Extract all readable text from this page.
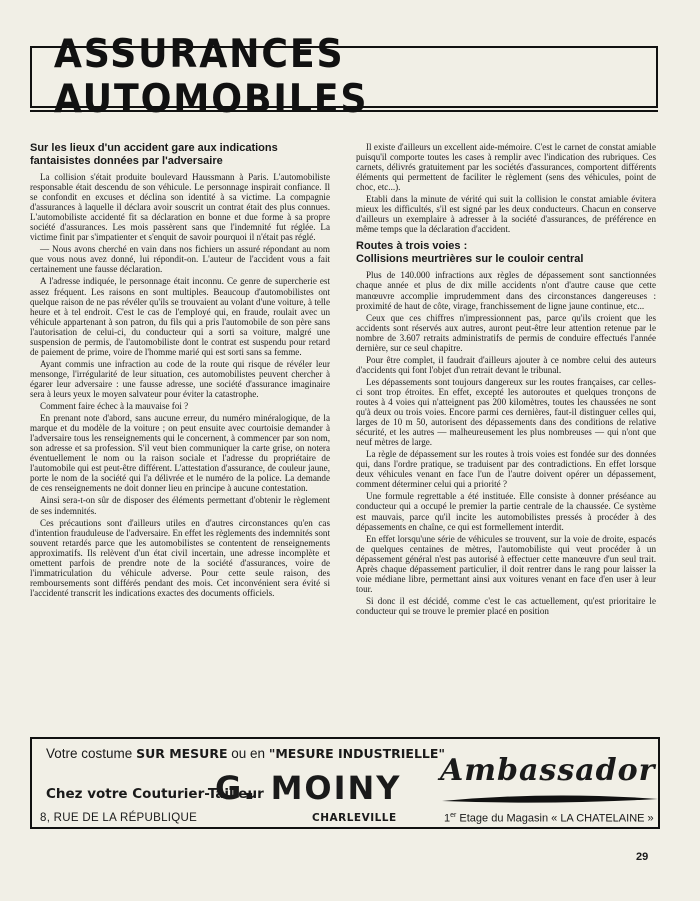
ASSURANCES AUTOMOBILES
Sur les lieux d'un accident gare aux indications fantaisistes données par l'adversaire

La collision s'était produite boulevard Haussmann à Paris. L'automobiliste responsable était descendu de son véhicule. Le personnage inspirait confiance. Il se confondit en excuses et déclina son identité à sa victime. La compagnie d'assurances à laquelle il déclara avoir souscrit un contrat était des plus connues. L'automobiliste accidenté fit sa déclaration en bonne et due forme à sa propre société d'assurances. Les mois passèrent sans que l'indemnité fut réglée. La victime finit par s'impatienter et s'enquit de savoir pourquoi il n'était pas réglé.

— Nous avons cherché en vain dans nos fichiers un assuré répondant au nom que vous nous avez donné, lui répondit-on. L'auteur de l'accident vous a fait certainement une fausse déclaration.

A l'adresse indiquée, le personnage était inconnu. Ce genre de supercherie est assez fréquent. Les raisons en sont multiples. Beaucoup d'automobilistes ont quelque raison de ne pas révéler qu'ils se trouvaient au volant d'une voiture, à telle heure et à tel endroit. C'est le cas de l'employé qui, en fraude, roulait avec un véhicule appartenant à son patron, du fils qui a pris l'automobile de son père sans l'autorisation de celui-ci, du conducteur qui a sorti sa voiture, malgré une suspension de permis, de l'automobiliste dont le contrat est suspendu pour retard de paiement de prime, voire de l'homme marié qui est sorti sans sa femme.

Ayant commis une infraction au code de la route qui risque de révéler leur mensonge, l'irrégularité de leur situation, ces automobilistes peuvent chercher à égarer leur adversaire : une fausse adresse, une société d'assurance imaginaire sera à leurs yeux le moyen salvateur pour éviter la catastrophe.

Comment faire échec à la mauvaise foi ?

En prenant note d'abord, sans aucune erreur, du numéro minéralogique, de la marque et du modèle de la voiture ; on peut ensuite avec courtoisie demander à l'adversaire tous les renseignements qui le concernent, à commencer par son nom, son adresse et sa profession. S'il veut bien communiquer la carte grise, on notera éventuellement le nom ou la raison sociale et l'adresse du propriétaire de l'automobile qui est peut-être différent. L'attestation d'assurance, de couleur jaune, porte le nom de la société qui l'a délivrée et le numéro de la police. La demande de ces renseignements ne doit donner lieu en principe à aucune contestation.

Ainsi sera-t-on sûr de disposer des éléments permettant d'obtenir le règlement de ses indemnités.

Ces précautions sont d'ailleurs utiles en d'autres circonstances qu'en cas d'intention frauduleuse de l'adversaire. En effet les règlements des indemnités sont souvent retardés parce que les automobilistes se contentent de renseignements approximatifs. Ils relèvent d'un état civil incertain, une adresse incomplète et omettent parfois de prendre note de la société d'assurances, voire de l'immatriculation du véhicule adverse. Pour cette seule raison, des remboursements sont différés pendant des mois. Cet inconvénient sera évité si l'accidenté transcrit les indications exactes des documents officiels.

Il existe d'ailleurs un excellent aide-mémoire. C'est le carnet de constat amiable puisqu'il comporte toutes les cases à remplir avec l'indication des rubriques. Ces carnets, délivrés gratuitement par les sociétés d'assurances, comportent différents éléments qui permettent de faciliter le règlement (sens des véhicules, point de choc, etc...).

Etabli dans la minute de vérité qui suit la collision le constat amiable évitera mieux les difficultés, s'il est signé par les deux conducteurs. Chacun en conserve d'ailleurs un exemplaire à adresser à la société d'assurances, de préférence en même temps que la déclaration d'accident.

Routes à trois voies :
Collisions meurtrières sur le couloir central

Plus de 140.000 infractions aux règles de dépassement sont sanctionnées chaque année et plus de dix mille accidents n'ont d'autre cause que cette manœuvre accomplie imprudemment dans des circonstances dangereuses : proximité de haut de côte, virage, franchissement de ligne jaune continue, etc...

Ceux que ces chiffres n'impressionnent pas, parce qu'ils croient que les accidents sont réservés aux autres, auront peut-être leur attention retenue par le nombre de 3.607 retraits administratifs de permis de conduire effectués l'année dernière, sur ce seul chapitre.

Pour être complet, il faudrait d'ailleurs ajouter à ce nombre celui des auteurs d'accidents qui font l'objet d'un retrait devant le tribunal.

Les dépassements sont toujours dangereux sur les routes françaises, car celles-ci sont trop étroites. En effet, excepté les autoroutes et quelques tronçons de routes à 4 voies qui n'atteignent pas 200 kilomètres, toutes les chaussées ne sont qu'à deux ou trois voies. Encore parmi ces dernières, faut-il distinguer celles qui, larges de 10 m 50, autorisent des dépassements dans des conditions de relative sécurité, et les autres — malheureusement les plus nombreuses — qui n'ont que neuf mètres de large.

La règle de dépassement sur les routes à trois voies est fondée sur des données qui, dans l'ordre pratique, se traduisent par des contradictions. En effet lorsque deux véhicules venant en face l'un de l'autre doivent opérer un dépassement, comment déterminer celui qui a priorité ?

Une formule regrettable a été instituée. Elle consiste à donner préséance au conducteur qui a occupé le premier la partie centrale de la chaussée. Ce système est mauvais, parce qu'il incite les automobilistes pressés à procéder à des dépassements en chaîne, ce qui est formellement interdit.

En effet lorsqu'une série de véhicules se trouvent, sur la voie de droite, espacés de quelques centaines de mètres, l'automobiliste qui veut procéder à un dépassement général n'est pas autorisé à effectuer cette manœuvre d'un seul trait. Après chaque dépassement particulier, il doit rentrer dans le rang pour laisser la voie médiane libre, permettant ainsi aux voitures venant en face d'en user à leur tour.

Si donc il est décidé, comme c'est le cas actuellement, qu'est prioritaire le conducteur qui se trouve le premier placé en position

Votre costume SUR MESURE ou en "MESURE INDUSTRIELLE"
Chez votre Couturier-Tailleur
G. MOINY Ambassador
8, RUE DE LA RÉPUBLIQUE	CHARLEVILLE	1er Etage du Magasin « LA CHATELAINE »
29
